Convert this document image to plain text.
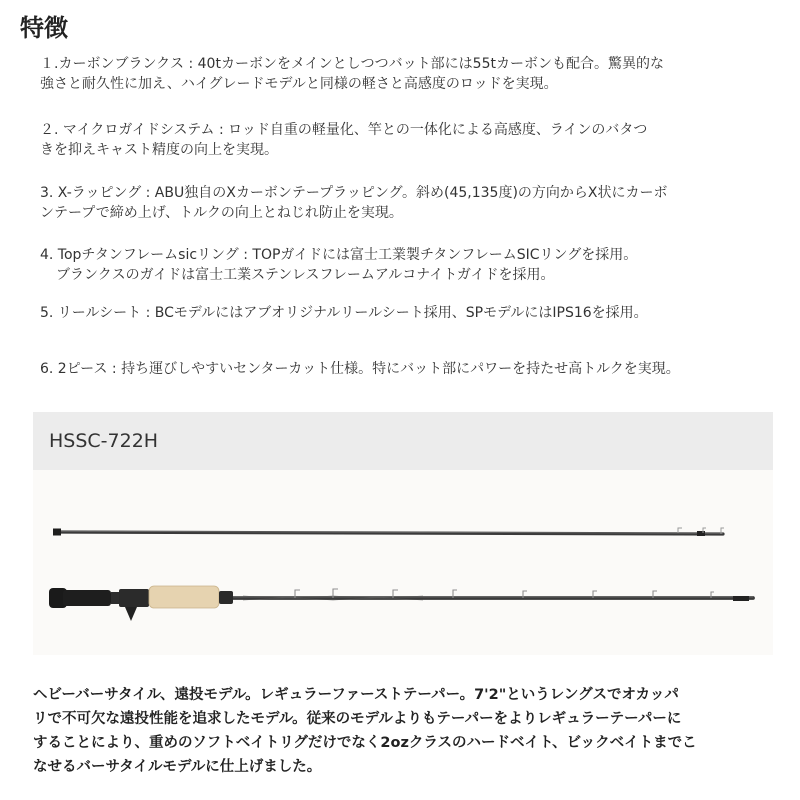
特徴
１.カーボンブランクス : 40tカーボンをメインとしつつバット部には55tカーボンも配合。驚異的な
強さと耐久性に加え、ハイグレードモデルと同様の軽さと高感度のロッドを実現。
２. マイクロガイドシステム : ロッド自重の軽量化、竿との一体化による高感度、ラインのバタつ
きを抑えキャスト精度の向上を実現。
3. X-ラッピング : ABU独自のXカーボンテープラッピング。斜め(45,135度)の方向からX状にカーボ
ンテープで締め上げ、トルクの向上とねじれ防止を実現。
4. Topチタンフレームsicリング : TOPガイドには富士工業製チタンフレームSICリングを採用。
ブランクスのガイドは富士工業ステンレスフレームアルコナイトガイドを採用。
5. リールシート : BCモデルにはアブオリジナルリールシート採用、SPモデルにはIPS16を採用。
6. 2ピース : 持ち運びしやすいセンターカット仕様。特にバット部にパワーを持たせ高トルクを実現。
HSSC-722H
ヘビーバーサタイル、遠投モデル。レギュラーファーストテーパー。7'2"というレングスでオカッパ
リで不可欠な遠投性能を追求したモデル。従来のモデルよりもテーパーをよりレギュラーテーパーに
することにより、重めのソフトベイトリグだけでなく2ozクラスのハードベイト、ビックベイトまでこ
なせるバーサタイルモデルに仕上げました。
